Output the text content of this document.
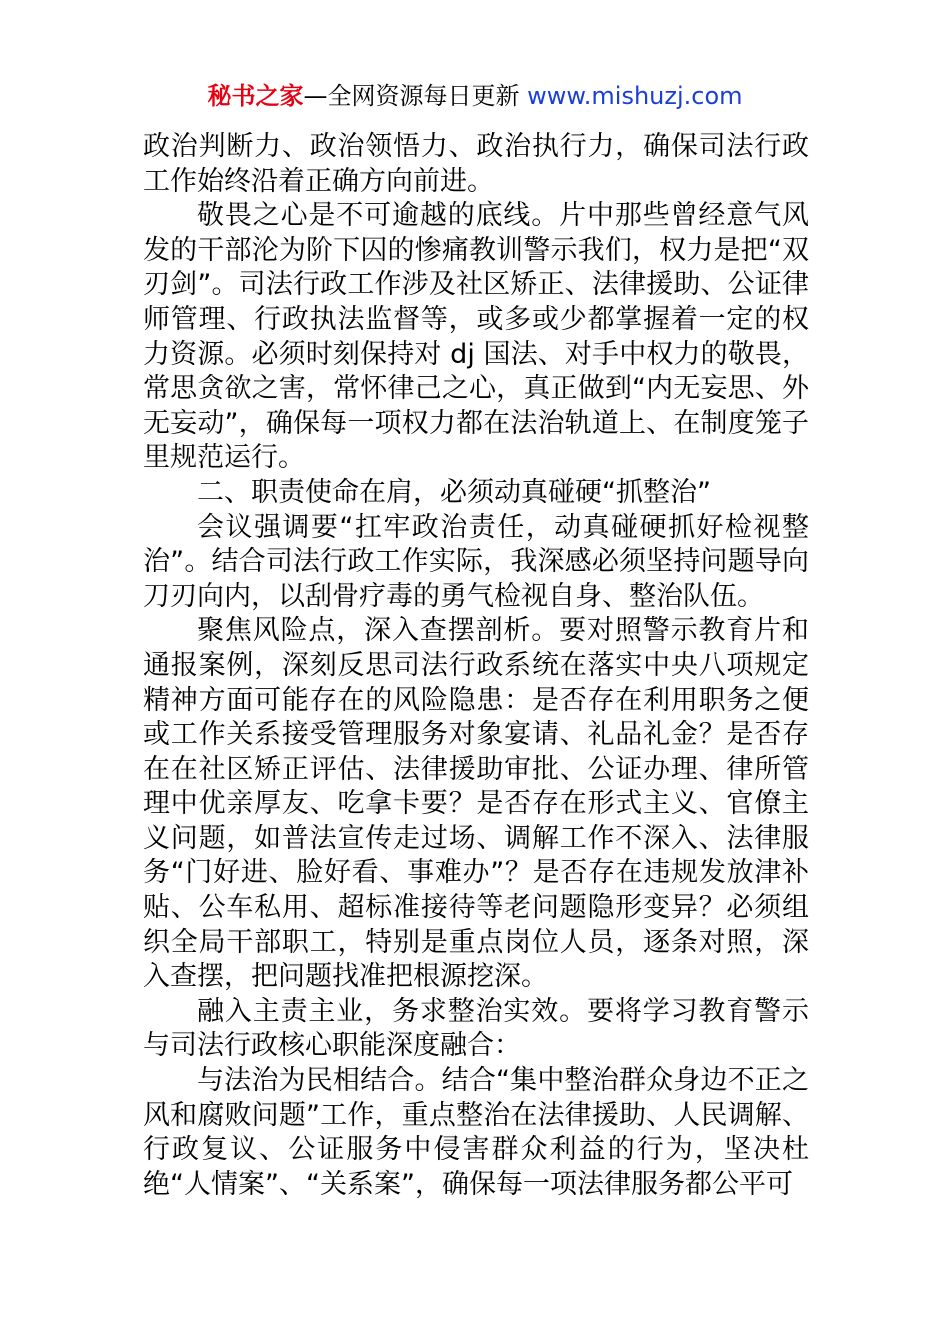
秘书之家—全网资源每日更新 www.mishuzj.com

政治判断力、政治领悟力、政治执行力，确保司法行政工作始终沿着正确方向前进。

敬畏之心是不可逾越的底线。片中那些曾经意气风发的干部沦为阶下囚的惨痛教训警示我们，权力是把“双刃剑”。司法行政工作涉及社区矫正、法律援助、公证律师管理、行政执法监督等，或多或少都掌握着一定的权力资源。必须时刻保持对 dj 国法、对手中权力的敬畏，常思贪欲之害，常怀律己之心，真正做到“内无妄思、外无妄动”，确保每一项权力都在法治轨道上、在制度笼子里规范运行。

二、职责使命在肩，必须动真碰硬“抓整治”

会议强调要“扛牢政治责任，动真碰硬抓好检视整治”。结合司法行政工作实际，我深感必须坚持问题导向刀刃向内，以刮骨疗毒的勇气检视自身、整治队伍。

聚焦风险点，深入查摆剖析。要对照警示教育片和通报案例，深刻反思司法行政系统在落实中央八项规定精神方面可能存在的风险隐患：是否存在利用职务之便或工作关系接受管理服务对象宴请、礼品礼金？是否存在在社区矫正评估、法律援助审批、公证办理、律所管理中优亲厚友、吃拿卡要？是否存在形式主义、官僚主义问题，如普法宣传走过场、调解工作不深入、法律服务“门好进、脸好看、事难办”？是否存在违规发放津补贴、公车私用、超标准接待等老问题隐形变异？必须组织全局干部职工，特别是重点岗位人员，逐条对照，深入查摆，把问题找准把根源挖深。

融入主责主业，务求整治实效。要将学习教育警示与司法行政核心职能深度融合：

与法治为民相结合。结合“集中整治群众身边不正之风和腐败问题”工作，重点整治在法律援助、人民调解、行政复议、公证服务中侵害群众利益的行为，坚决杜绝“人情案”、“关系案”，确保每一项法律服务都公平可
